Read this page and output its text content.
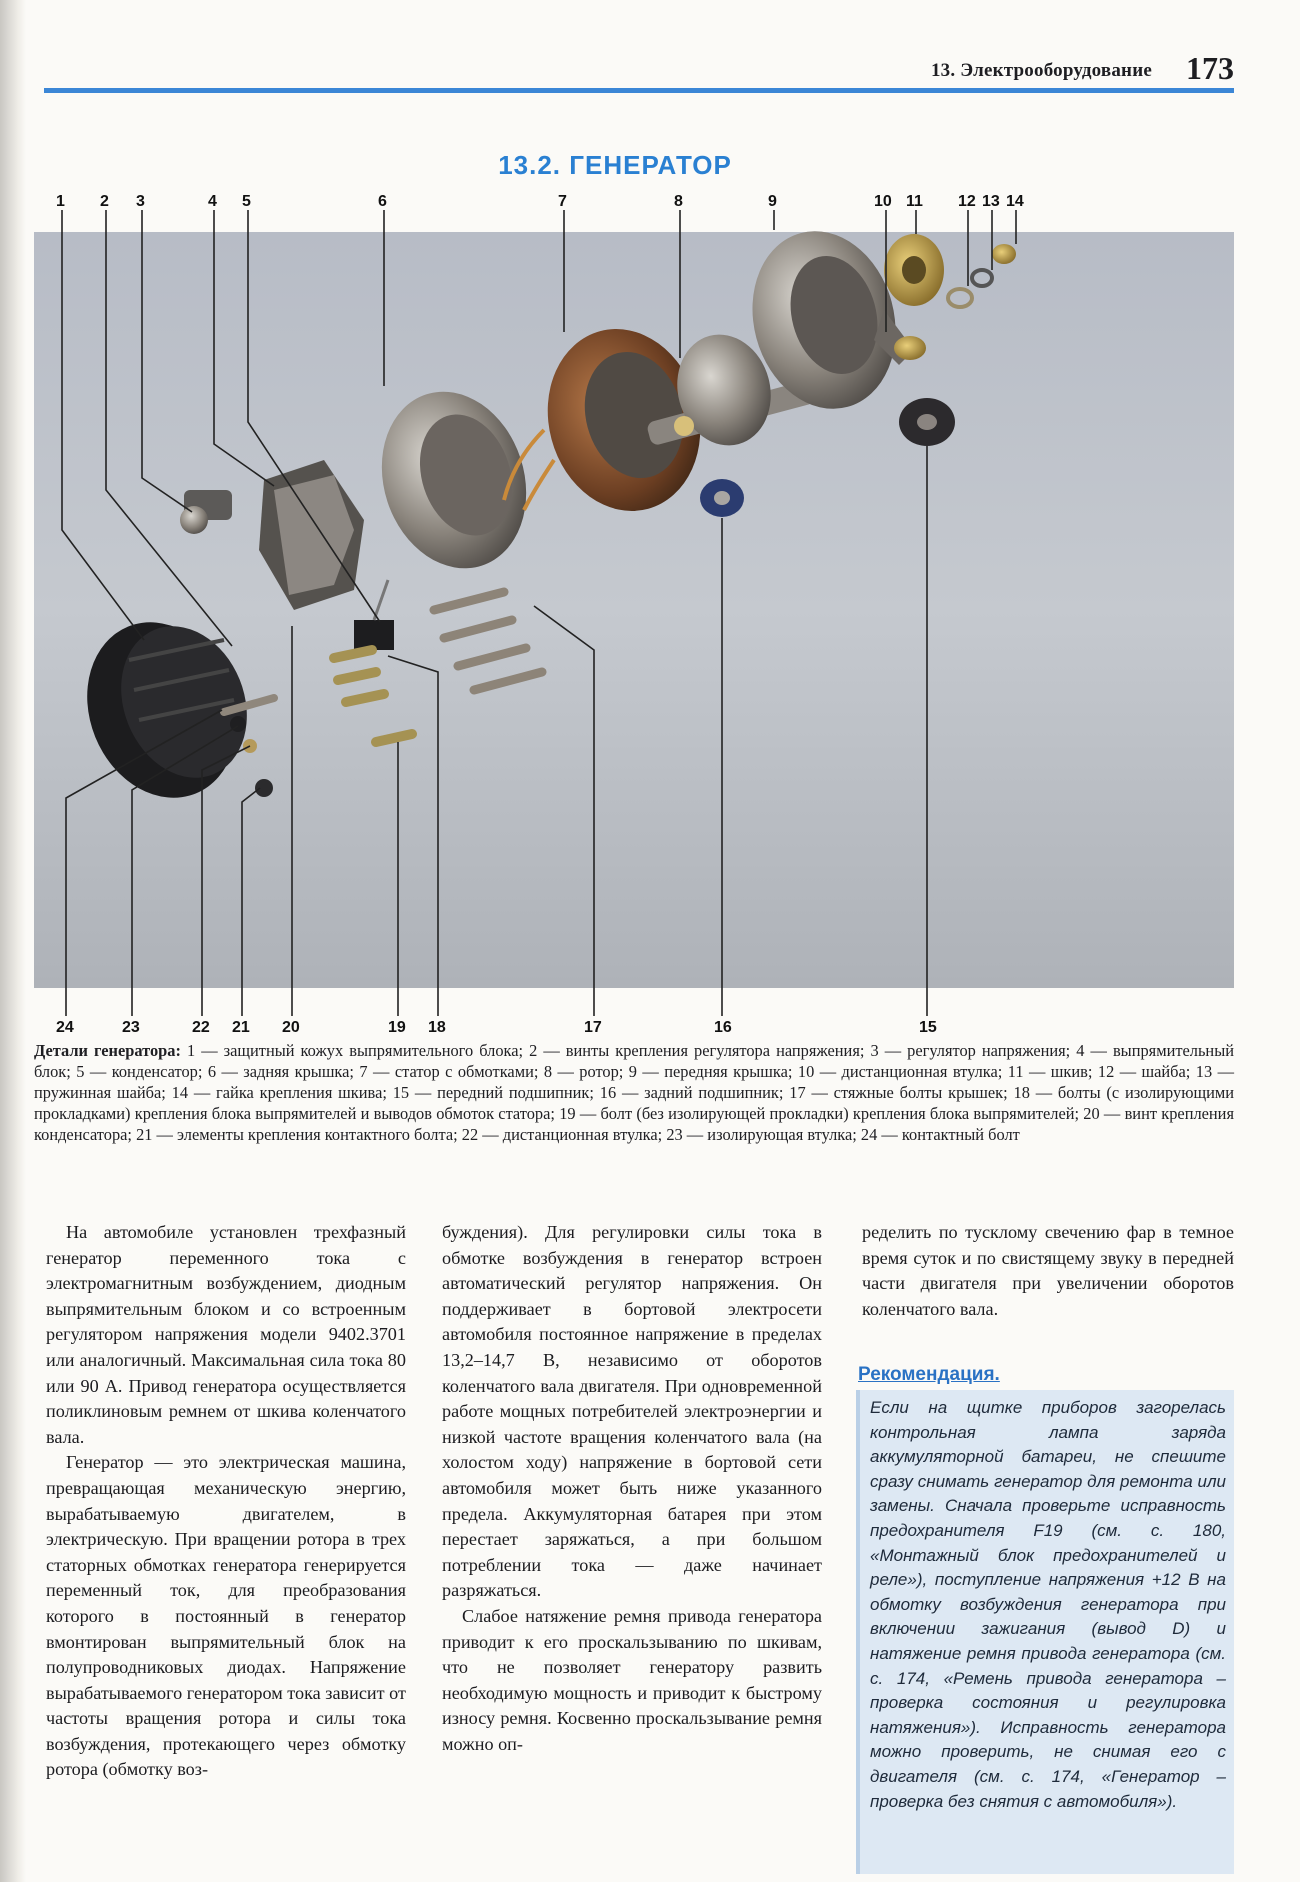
13. Электрооборудование 173
13.2. ГЕНЕРАТОР
1 2 3	4 5	6	7	8	9	10 11 12 13 14
24	23	22 21 20	19 18	17	16	15
Детали генератора: 1 — защитный кожух выпрямительного блока; 2 — винты крепления регулятора напряжения; 3 — регулятор напряжения; 4 — выпрямительный блок; 5 — конденсатор; 6 — задняя крышка; 7 — статор с обмотками; 8 — ротор; 9 — передняя крышка; 10 — дистанционная втулка; 11 — шкив; 12 — шайба; 13 — пружинная шайба; 14 — гайка крепления шкива; 15 — передний подшипник; 16 — задний подшипник; 17 — стяжные болты крышек; 18 — болты (с изолирующими прокладками) крепления блока выпрямителей и выводов обмоток статора; 19 — болт (без изолирующей прокладки) крепления блока выпрямителей; 20 — винт крепления конденсатора; 21 — элементы крепления контактного болта; 22 — дистанционная втулка; 23 — изолирующая втулка; 24 — контактный болт

На автомобиле установлен трехфазный генератор переменного тока с электромагнитным возбуждением, диодным выпрямительным блоком и со встроенным регулятором напряжения модели 9402.3701 или аналогичный. Максимальная сила тока 80 или 90 А. Привод генератора осуществляется поликлиновым ремнем от шкива коленчатого вала.

Генератор — это электрическая машина, превращающая механическую энергию, вырабатываемую двигателем, в электрическую. При вращении ротора в трех статорных обмотках генератора генерируется переменный ток, для преобразования которого в постоянный в генератор вмонтирован выпрямительный блок на полупроводниковых диодах. Напряжение вырабатываемого генератором тока зависит от частоты вращения ротора и силы тока возбуждения, протекающего через обмотку ротора (обмотку воз-

буждения). Для регулировки силы тока в обмотке возбуждения в генератор встроен автоматический регулятор напряжения. Он поддерживает в бортовой электросети автомобиля постоянное напряжение в пределах 13,2–14,7 В, независимо от оборотов коленчатого вала двигателя. При одновременной работе мощных потребителей электроэнергии и низкой частоте вращения коленчатого вала (на холостом ходу) напряжение в бортовой сети автомобиля может быть ниже указанного предела. Аккумуляторная батарея при этом перестает заряжаться, а при большом потреблении тока — даже начинает разряжаться.

Слабое натяжение ремня привода генератора приводит к его проскальзыванию по шкивам, что не позволяет генератору развить необходимую мощность и приводит к быстрому износу ремня. Косвенно проскальзывание ремня можно оп-

ределить по тусклому свечению фар в темное время суток и по свистящему звуку в передней части двигателя при увеличении оборотов коленчатого вала.

Рекомендация.
Если на щитке приборов загорелась контрольная лампа заряда аккумуляторной батареи, не спешите сразу снимать генератор для ремонта или замены. Сначала проверьте исправность предохранителя F19 (см. с. 180, «Монтажный блок предохранителей и реле»), поступление напряжения +12 В на обмотку возбуждения генератора при включении зажигания (вывод D) и натяжение ремня привода генератора (см. с. 174, «Ремень привода генератора – проверка состояния и регулировка натяжения»). Исправность генератора можно проверить, не снимая его с двигателя (см. с. 174, «Генератор – проверка без снятия с автомобиля»).
